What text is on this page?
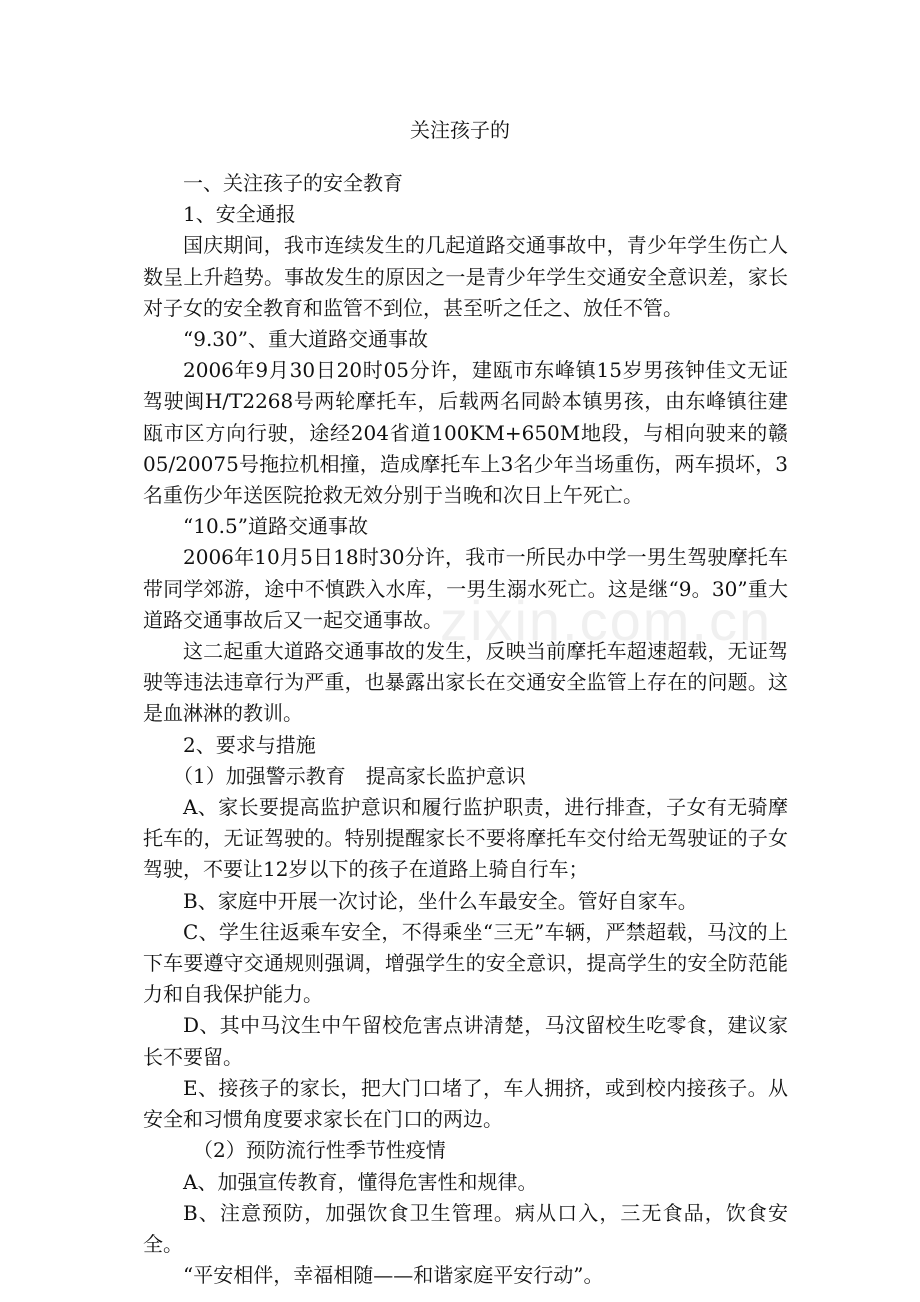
zixin.com.cn
关注孩子的

一、关注孩子的安全教育

1、安全通报

国庆期间，我市连续发生的几起道路交通事故中，青少年学生伤亡人数呈上升趋势。事故发生的原因之一是青少年学生交通安全意识差，家长对子女的安全教育和监管不到位，甚至听之任之、放任不管。

“9.30”、重大道路交通事故

2006年9月30日20时05分许，建瓯市东峰镇15岁男孩钟佳文无证驾驶闽H/T2268号两轮摩托车，后载两名同龄本镇男孩，由东峰镇往建瓯市区方向行驶，途经204省道100KM+650M地段，与相向驶来的赣05/20075号拖拉机相撞，造成摩托车上3名少年当场重伤，两车损坏，3名重伤少年送医院抢救无效分别于当晚和次日上午死亡。

“10.5”道路交通事故

2006年10月5日18时30分许，我市一所民办中学一男生驾驶摩托车带同学郊游，途中不慎跌入水库，一男生溺水死亡。这是继“9。30”重大道路交通事故后又一起交通事故。

这二起重大道路交通事故的发生，反映当前摩托车超速超载，无证驾驶等违法违章行为严重，也暴露出家长在交通安全监管上存在的问题。这是血淋淋的教训。

2、要求与措施

（1）加强警示教育　提高家长监护意识

A、家长要提高监护意识和履行监护职责，进行排查，子女有无骑摩托车的，无证驾驶的。特别提醒家长不要将摩托车交付给无驾驶证的子女驾驶，不要让12岁以下的孩子在道路上骑自行车；

B、家庭中开展一次讨论，坐什么车最安全。管好自家车。

C、学生往返乘车安全，不得乘坐“三无”车辆，严禁超载，马汶的上下车要遵守交通规则强调，增强学生的安全意识，提高学生的安全防范能力和自我保护能力。

D、其中马汶生中午留校危害点讲清楚，马汶留校生吃零食，建议家长不要留。

E、接孩子的家长，把大门口堵了，车人拥挤，或到校内接孩子。从安全和习惯角度要求家长在门口的两边。

（2）预防流行性季节性疫情

A、加强宣传教育，懂得危害性和规律。

B、注意预防，加强饮食卫生管理。病从口入，三无食品，饮食安全。

“平安相伴，幸福相随——和谐家庭平安行动”。
